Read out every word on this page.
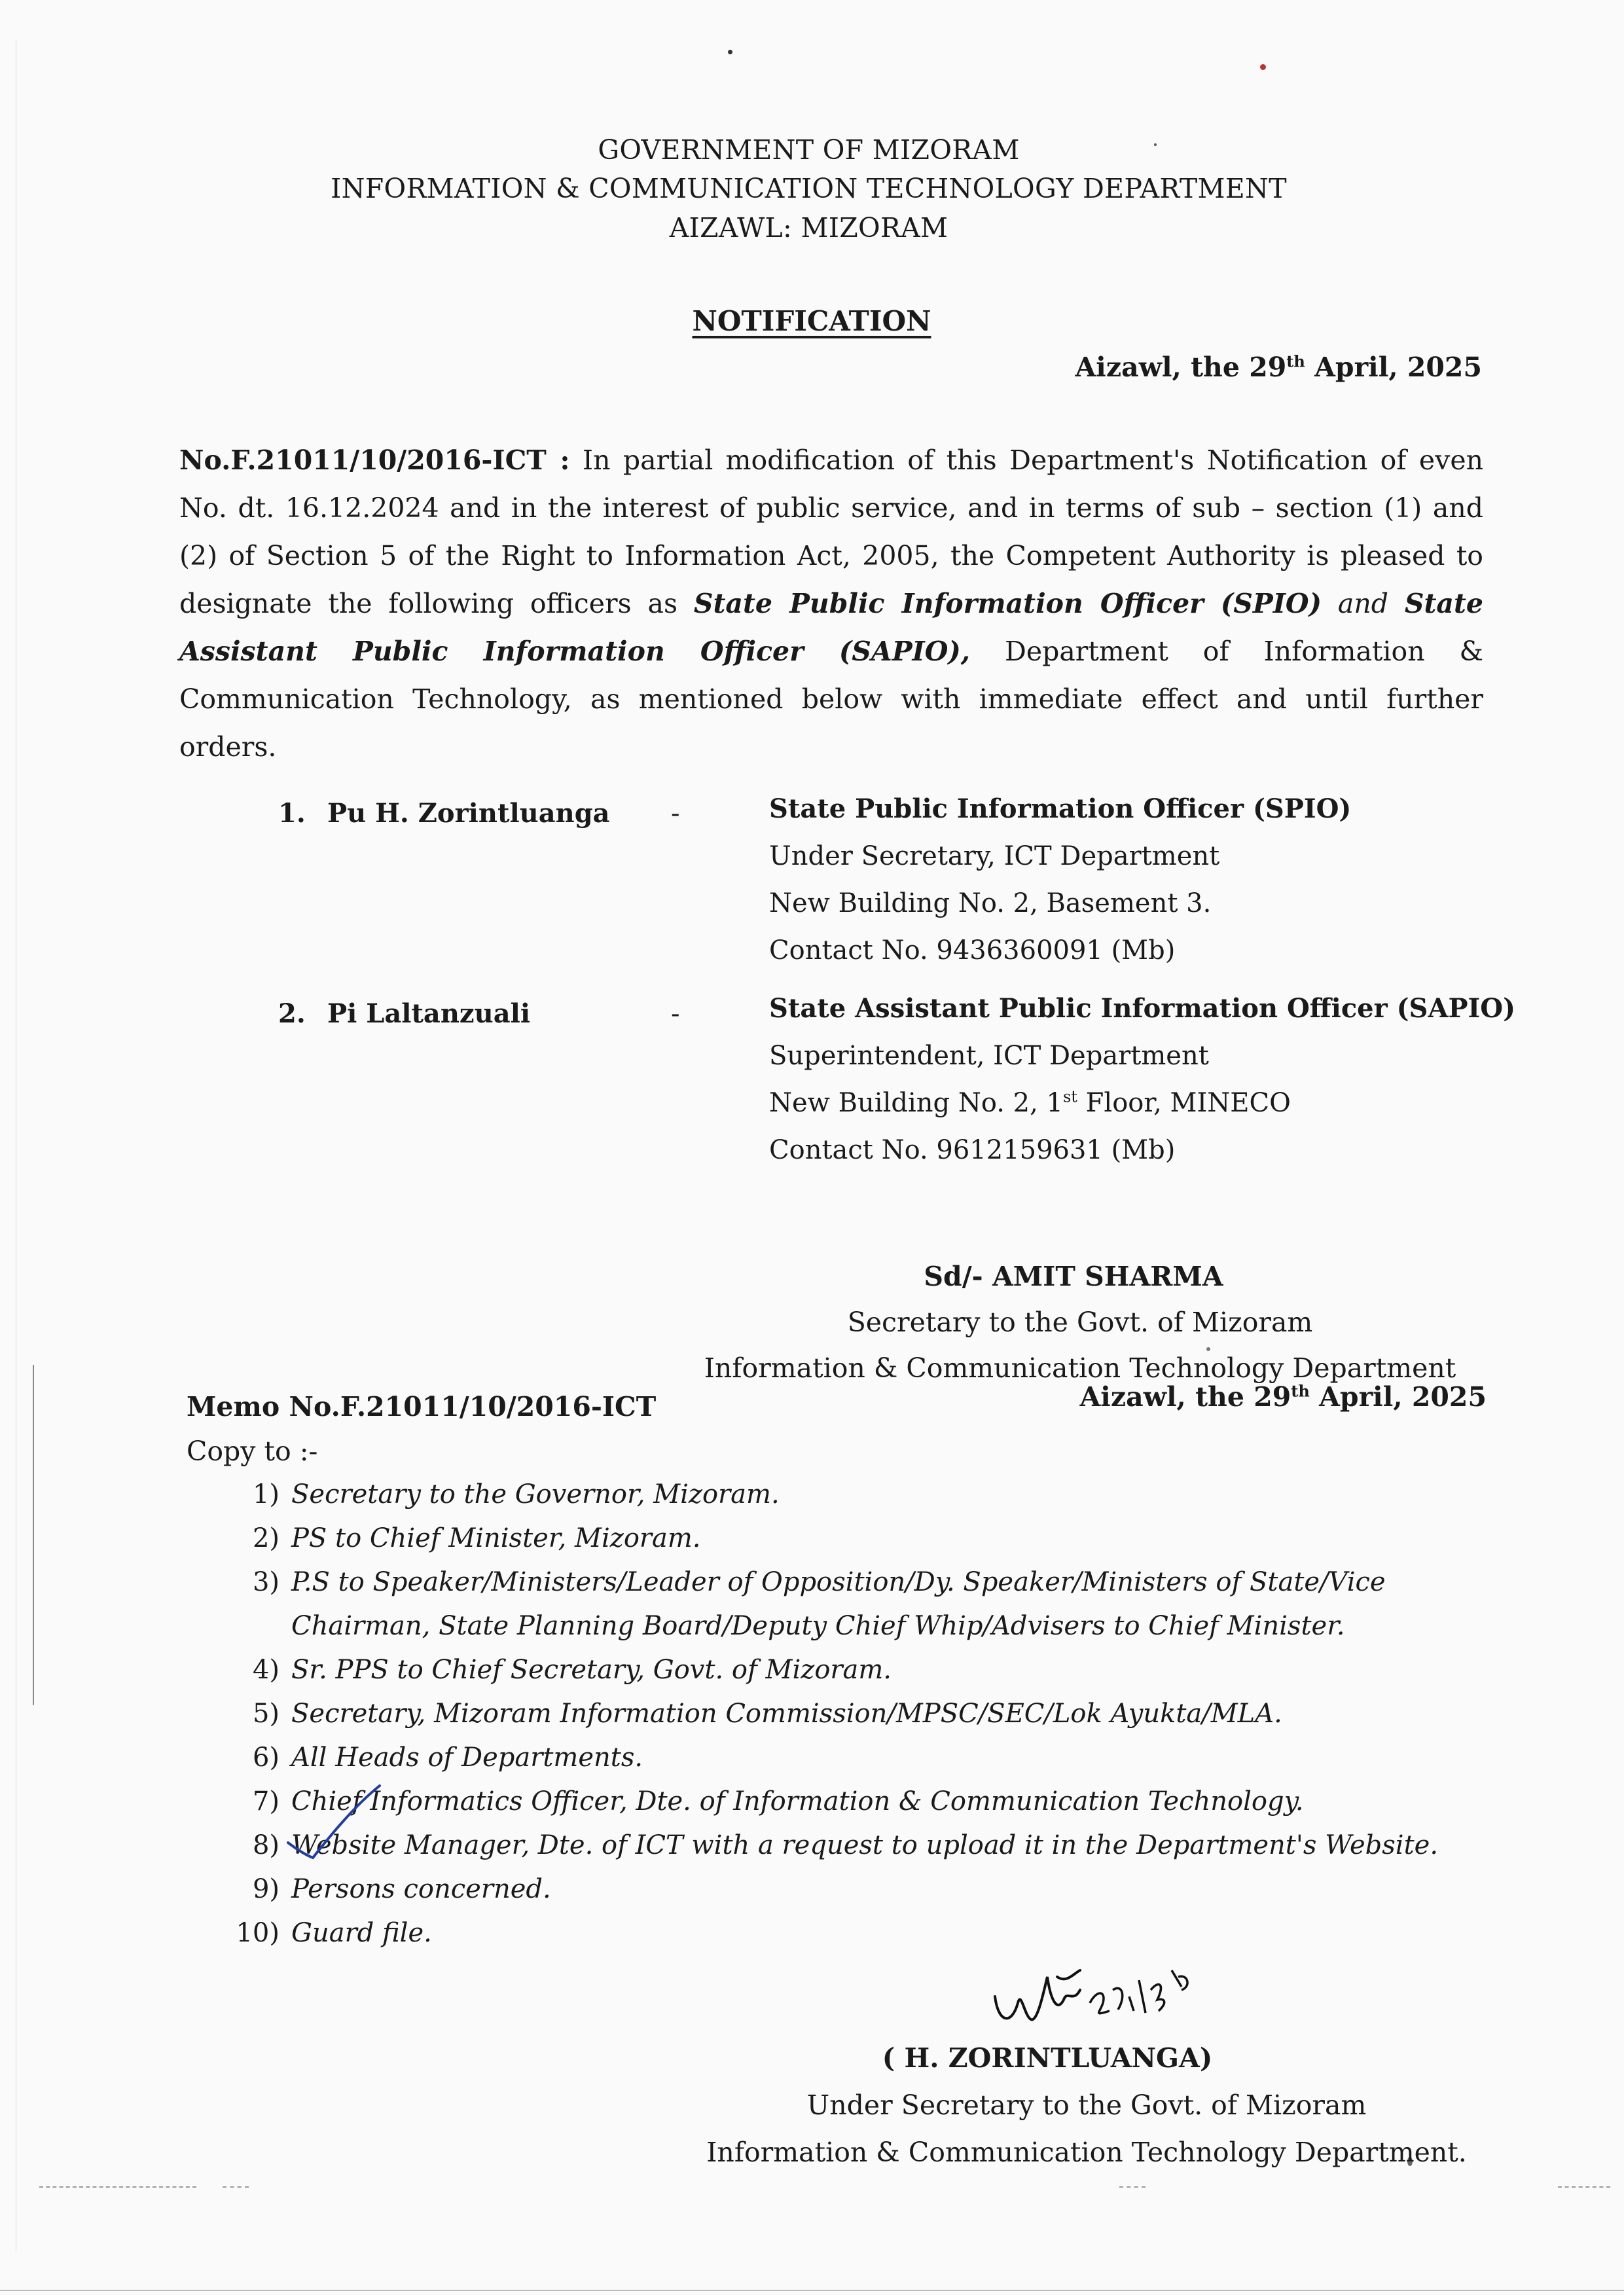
GOVERNMENT OF MIZORAM
INFORMATION & COMMUNICATION TECHNOLOGY DEPARTMENT
AIZAWL: MIZORAM
NOTIFICATION
Aizawl, the 29th April, 2025
No.F.21011/10/2016-ICT : In partial modification of this Department's Notification of even No. dt. 16.12.2024 and in the interest of public service, and in terms of sub – section (1) and (2) of Section 5 of the Right to Information Act, 2005, the Competent Authority is pleased to designate the following officers as State Public Information Officer (SPIO) and State Assistant Public Information Officer (SAPIO), Department of Information & Communication Technology, as mentioned below with immediate effect and until further orders.
1. Pu H. Zorintluanga -	State Public Information Officer (SPIO)
Under Secretary, ICT Department
New Building No. 2, Basement 3.
Contact No. 9436360091 (Mb)
2. Pi Laltanzuali	-	State Assistant Public Information Officer (SAPIO)
Superintendent, ICT Department
New Building No. 2, 1st Floor, MINECO
Contact No. 9612159631 (Mb)
Sd/- AMIT SHARMA
Secretary to the Govt. of Mizoram
Information & Communication Technology Department
Memo No.F.21011/10/2016-ICT	Aizawl, the 29th April, 2025
Copy to :-
1) Secretary to the Governor, Mizoram.
2) PS to Chief Minister, Mizoram.
3) P.S to Speaker/Ministers/Leader of Opposition/Dy. Speaker/Ministers of State/Vice
Chairman, State Planning Board/Deputy Chief Whip/Advisers to Chief Minister.
4) Sr. PPS to Chief Secretary, Govt. of Mizoram.
5) Secretary, Mizoram Information Commission/MPSC/SEC/Lok Ayukta/MLA.
6) All Heads of Departments.
7) Chief Informatics Officer, Dte. of Information & Communication Technology.
8) Website Manager, Dte. of ICT with a request to upload it in the Department's Website.
9) Persons concerned.
10) Guard file.
( H. ZORINTLUANGA)
Under Secretary to the Govt. of Mizoram
Information & Communication Technology Department.
